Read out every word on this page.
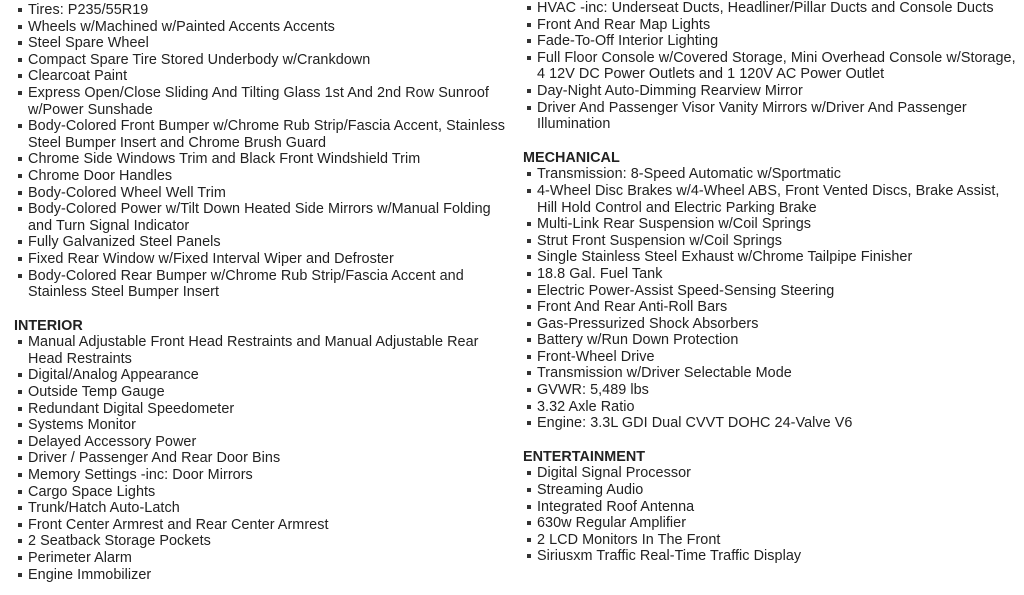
Tires: P235/55R19
Wheels w/Machined w/Painted Accents Accents
Steel Spare Wheel
Compact Spare Tire Stored Underbody w/Crankdown
Clearcoat Paint
Express Open/Close Sliding And Tilting Glass 1st And 2nd Row Sunroof w/Power Sunshade
Body-Colored Front Bumper w/Chrome Rub Strip/Fascia Accent, Stainless Steel Bumper Insert and Chrome Brush Guard
Chrome Side Windows Trim and Black Front Windshield Trim
Chrome Door Handles
Body-Colored Wheel Well Trim
Body-Colored Power w/Tilt Down Heated Side Mirrors w/Manual Folding and Turn Signal Indicator
Fully Galvanized Steel Panels
Fixed Rear Window w/Fixed Interval Wiper and Defroster
Body-Colored Rear Bumper w/Chrome Rub Strip/Fascia Accent and Stainless Steel Bumper Insert
INTERIOR
Manual Adjustable Front Head Restraints and Manual Adjustable Rear Head Restraints
Digital/Analog Appearance
Outside Temp Gauge
Redundant Digital Speedometer
Systems Monitor
Delayed Accessory Power
Driver / Passenger And Rear Door Bins
Memory Settings -inc: Door Mirrors
Cargo Space Lights
Trunk/Hatch Auto-Latch
Front Center Armrest and Rear Center Armrest
2 Seatback Storage Pockets
Perimeter Alarm
Engine Immobilizer
HVAC -inc: Underseat Ducts, Headliner/Pillar Ducts and Console Ducts
Front And Rear Map Lights
Fade-To-Off Interior Lighting
Full Floor Console w/Covered Storage, Mini Overhead Console w/Storage, 4 12V DC Power Outlets and 1 120V AC Power Outlet
Day-Night Auto-Dimming Rearview Mirror
Driver And Passenger Visor Vanity Mirrors w/Driver And Passenger Illumination
MECHANICAL
Transmission: 8-Speed Automatic w/Sportmatic
4-Wheel Disc Brakes w/4-Wheel ABS, Front Vented Discs, Brake Assist, Hill Hold Control and Electric Parking Brake
Multi-Link Rear Suspension w/Coil Springs
Strut Front Suspension w/Coil Springs
Single Stainless Steel Exhaust w/Chrome Tailpipe Finisher
18.8 Gal. Fuel Tank
Electric Power-Assist Speed-Sensing Steering
Front And Rear Anti-Roll Bars
Gas-Pressurized Shock Absorbers
Battery w/Run Down Protection
Front-Wheel Drive
Transmission w/Driver Selectable Mode
GVWR: 5,489 lbs
3.32 Axle Ratio
Engine: 3.3L GDI Dual CVVT DOHC 24-Valve V6
ENTERTAINMENT
Digital Signal Processor
Streaming Audio
Integrated Roof Antenna
630w Regular Amplifier
2 LCD Monitors In The Front
Siriusxm Traffic Real-Time Traffic Display
